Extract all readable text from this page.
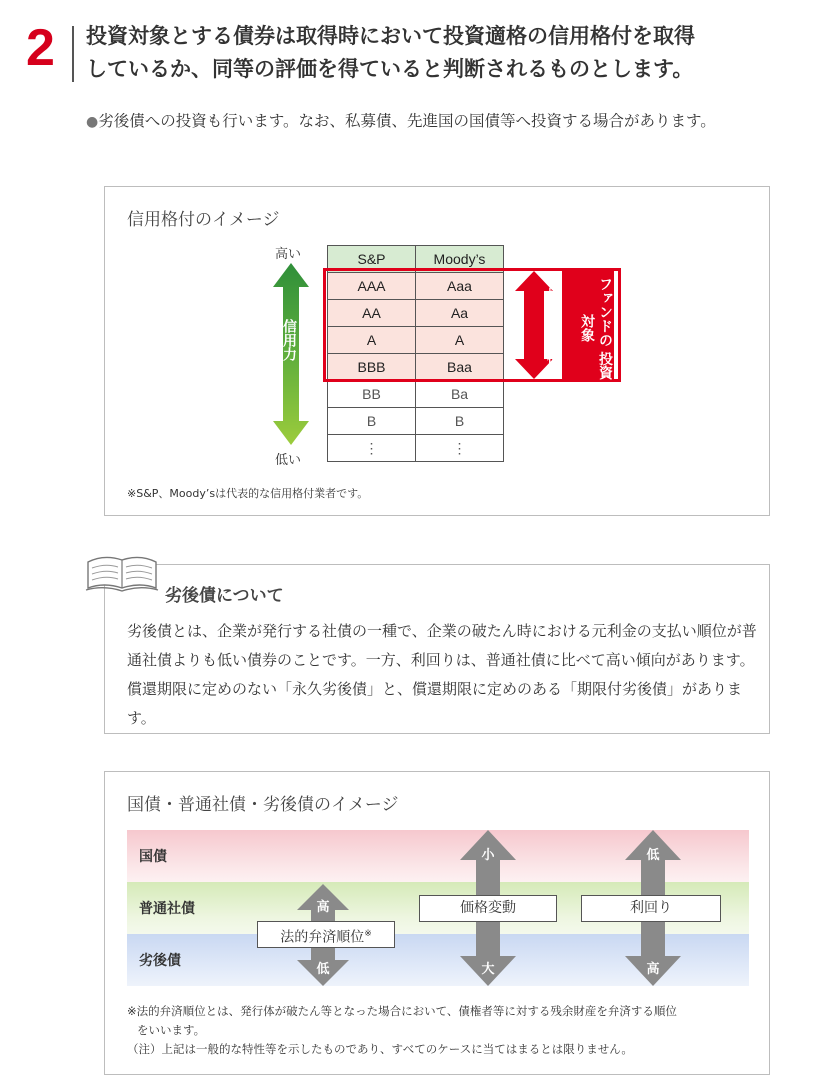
2 投資対象とする債券は取得時において投資適格の信用格付を取得
しているか、同等の評価を得ていると判断されるものとします。
●劣後債への投資も行います。なお、私募債、先進国の国債等へ投資する場合があります。
信用格付のイメージ
高い
低い
信用力
S&P	Moody’s
AAA	Aaa
AA	Aa
A	A
BBB	Baa
BB	Ba
B	B
⋮	⋮
投資適格格付	ファンドの 投資対象
※S&P、Moody’sは代表的な信用格付業者です。
劣後債について
劣後債とは、企業が発行する社債の一種で、企業の破たん時における元利金の支払い順位が普通社債よりも低い債券のことです。一方、利回りは、普通社債に比べて高い傾向があります。償還期限に定めのない「永久劣後債」と、償還期限に定めのある「期限付劣後債」があります。
国債・普通社債・劣後債のイメージ
国債
普通社債
劣後債
高
低
法的弁済順位※
小
大
価格変動
低
高
利回り
※法的弁済順位とは、発行体が破たん等となった場合において、債権者等に対する残余財産を弁済する順位
をいいます。
（注）上記は一般的な特性等を示したものであり、すべてのケースに当てはまるとは限りません。
